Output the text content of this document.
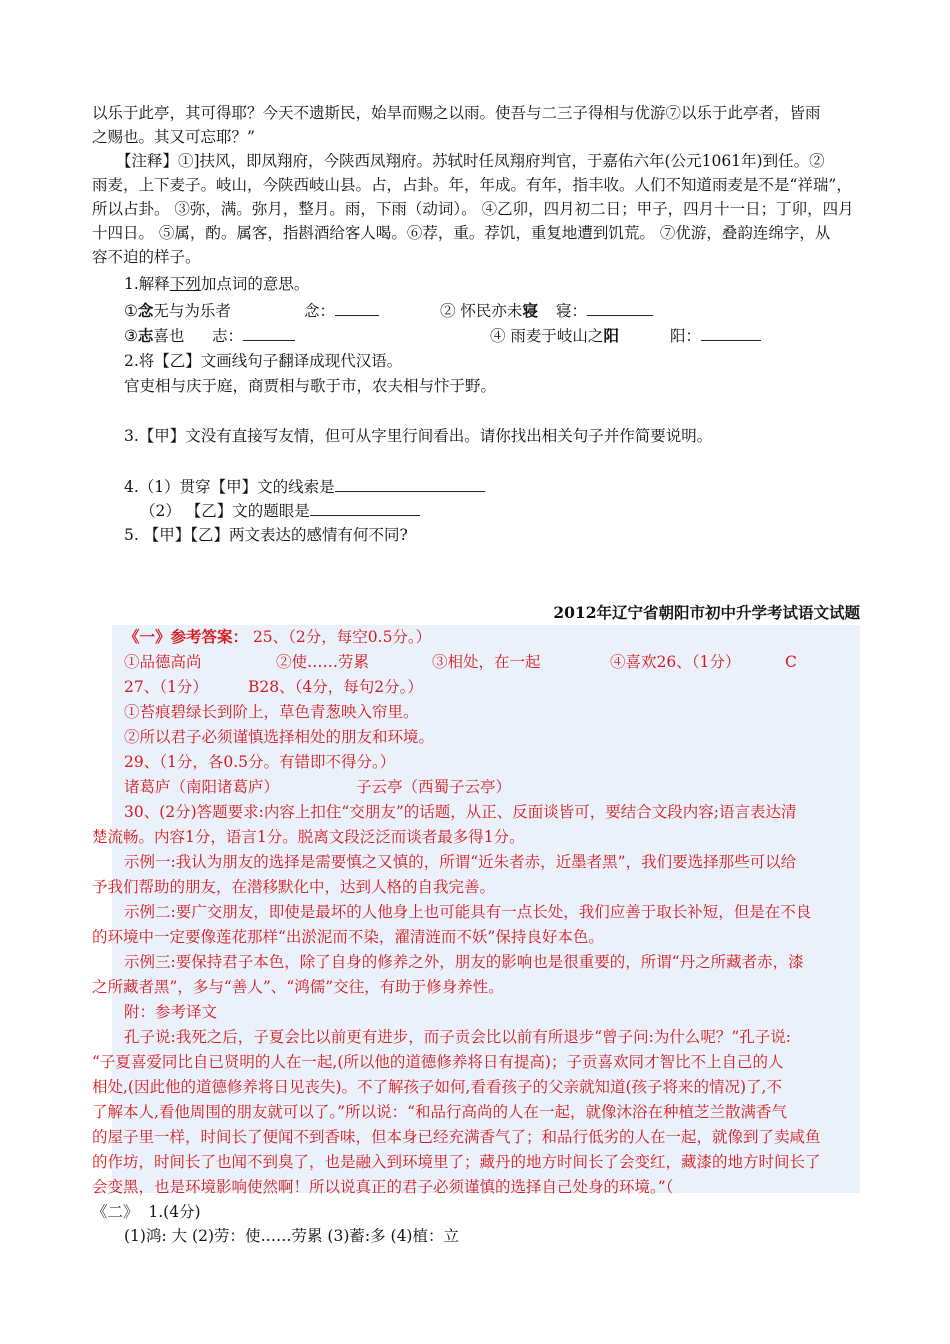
以乐于此亭，其可得耶？今天不遗斯民，始旱而赐之以雨。使吾与二三子得相与优游⑦以乐于此亭者，皆雨
之赐也。其又可忘耶？”
【注释】①]扶风，即凤翔府，今陕西凤翔府。苏轼时任凤翔府判官，于嘉佑六年(公元1061年)到任。②
雨麦，上下麦子。岐山，今陕西岐山县。占，占卦。年，年成。有年，指丰收。人们不知道雨麦是不是“祥瑞”，
所以占卦。 ③弥，满。弥月，整月。雨，下雨（动词）。 ④乙卯，四月初二日；甲子，四月十一日；丁卯，四月
十四日。 ⑤属，酌。属客，指斟酒给客人喝。⑥荐，重。荐饥，重复地遭到饥荒。 ⑦优游，叠韵连绵字，从
容不迫的样子。
1.解释下列加点词的意思。
①念无与为乐者	念：	② 怀民亦未寝 寝：
③志喜也 志：	④ 雨麦于岐山之阳	阳：
2.将【乙】文画线句子翻译成现代汉语。
官吏相与庆于庭，商贾相与歌于市，农夫相与忭于野。
3.【甲】文没有直接写友情，但可从字里行间看出。请你找出相关句子并作简要说明。
4.（1）贯穿【甲】文的线索是
（2） 【乙】文的题眼是
5. 【甲】【乙】两文表达的感情有何不同?
2012年辽宁省朝阳市初中升学考试语文试题
《一》参考答案： 25、（2分，每空0.5分。）
①品德高尚	②使……劳累	③相处，在一起	④喜欢26、（1分）	C
27、（1分）	B28、（4分，每句2分。）
①苔痕碧绿长到阶上，草色青葱映入帘里。
②所以君子必须谨慎选择相处的朋友和环境。
29、（1分，各0.5分。有错即不得分。）
诸葛庐（南阳诸葛庐）	子云亭（西蜀子云亭）
30、(2分)答题要求:内容上扣住“交朋友”的话题，从正、反面谈皆可，要结合文段内容;语言表达清
楚流畅。内容1分，语言1分。脱离文段泛泛而谈者最多得1分。
示例一:我认为朋友的选择是需要慎之又慎的，所谓“近朱者赤，近墨者黑”，我们要选择那些可以给
予我们帮助的朋友，在潜移默化中，达到人格的自我完善。
示例二:要广交朋友，即使是最坏的人他身上也可能具有一点长处，我们应善于取长补短，但是在不良
的环境中一定要像莲花那样“出淤泥而不染，濯清涟而不妖”保持良好本色。
示例三:要保持君子本色，除了自身的修养之外，朋友的影响也是很重要的，所谓“丹之所藏者赤，漆
之所藏者黑”，多与“善人”、“鸿儒”交往，有助于修身养性。
附：参考译文
孔子说:我死之后，子夏会比以前更有进步，而子贡会比以前有所退步“曾子问:为什么呢？”孔子说:
“子夏喜爱同比自已贤明的人在一起,(所以他的道德修养将日有提高)；子贡喜欢同才智比不上自己的人
相处,(因此他的道德修养将日见丧失)。不了解孩子如何,看看孩子的父亲就知道(孩子将来的情况)了,不
了解本人,看他周围的朋友就可以了。”所以说：“和品行高尚的人在一起，就像沐浴在种植芝兰散满香气
的屋子里一样，时间长了便闻不到香味，但本身已经充满香气了；和品行低劣的人在一起，就像到了卖咸鱼
的作坊，时间长了也闻不到臭了，也是融入到环境里了；藏丹的地方时间长了会变红，藏漆的地方时间长了
会变黑，也是环境影响使然啊！所以说真正的君子必须谨慎的选择自己处身的环境。”（
《二》  1.(4分)
(1)鸿: 大 (2)劳：使……劳累 (3)蓄:多 (4)植：立
